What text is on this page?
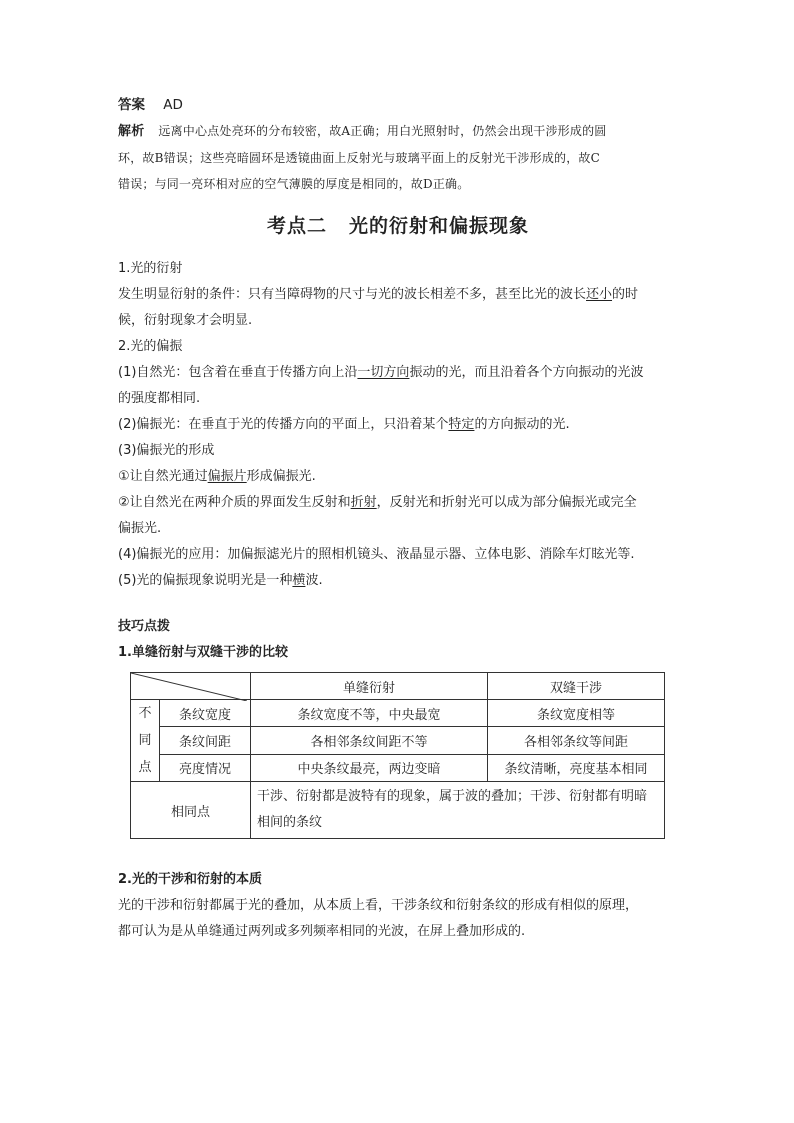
答案 AD
解析 远离中心点处亮环的分布较密，故A正确；用白光照射时，仍然会出现干涉形成的圆
环，故B错误；这些亮暗圆环是透镜曲面上反射光与玻璃平面上的反射光干涉形成的，故C
错误；与同一亮环相对应的空气薄膜的厚度是相同的，故D正确。
考点二 光的衍射和偏振现象
1.光的衍射
发生明显衍射的条件：只有当障碍物的尺寸与光的波长相差不多，甚至比光的波长还小的时
候，衍射现象才会明显.
2.光的偏振
(1)自然光：包含着在垂直于传播方向上沿一切方向振动的光，而且沿着各个方向振动的光波
的强度都相同.
(2)偏振光：在垂直于光的传播方向的平面上，只沿着某个特定的方向振动的光.
(3)偏振光的形成
①让自然光通过偏振片形成偏振光.
②让自然光在两种介质的界面发生反射和折射，反射光和折射光可以成为部分偏振光或完全
偏振光.
(4)偏振光的应用：加偏振滤光片的照相机镜头、液晶显示器、立体电影、消除车灯眩光等.
(5)光的偏振现象说明光是一种横波.
技巧点拨
1.单缝衍射与双缝干涉的比较
	单缝衍射	双缝干涉

不
同
点	条纹宽度	条纹宽度不等，中央最宽	条纹宽度相等
	条纹间距	各相邻条纹间距不等	各相邻条纹等间距
	亮度情况	中央条纹最亮，两边变暗	条纹清晰，亮度基本相同
相同点		干涉、衍射都是波特有的现象，属于波的叠加；干涉、衍射都有明暗相间的条纹	
2.光的干涉和衍射的本质
光的干涉和衍射都属于光的叠加，从本质上看，干涉条纹和衍射条纹的形成有相似的原理，
都可认为是从单缝通过两列或多列频率相同的光波，在屏上叠加形成的.
